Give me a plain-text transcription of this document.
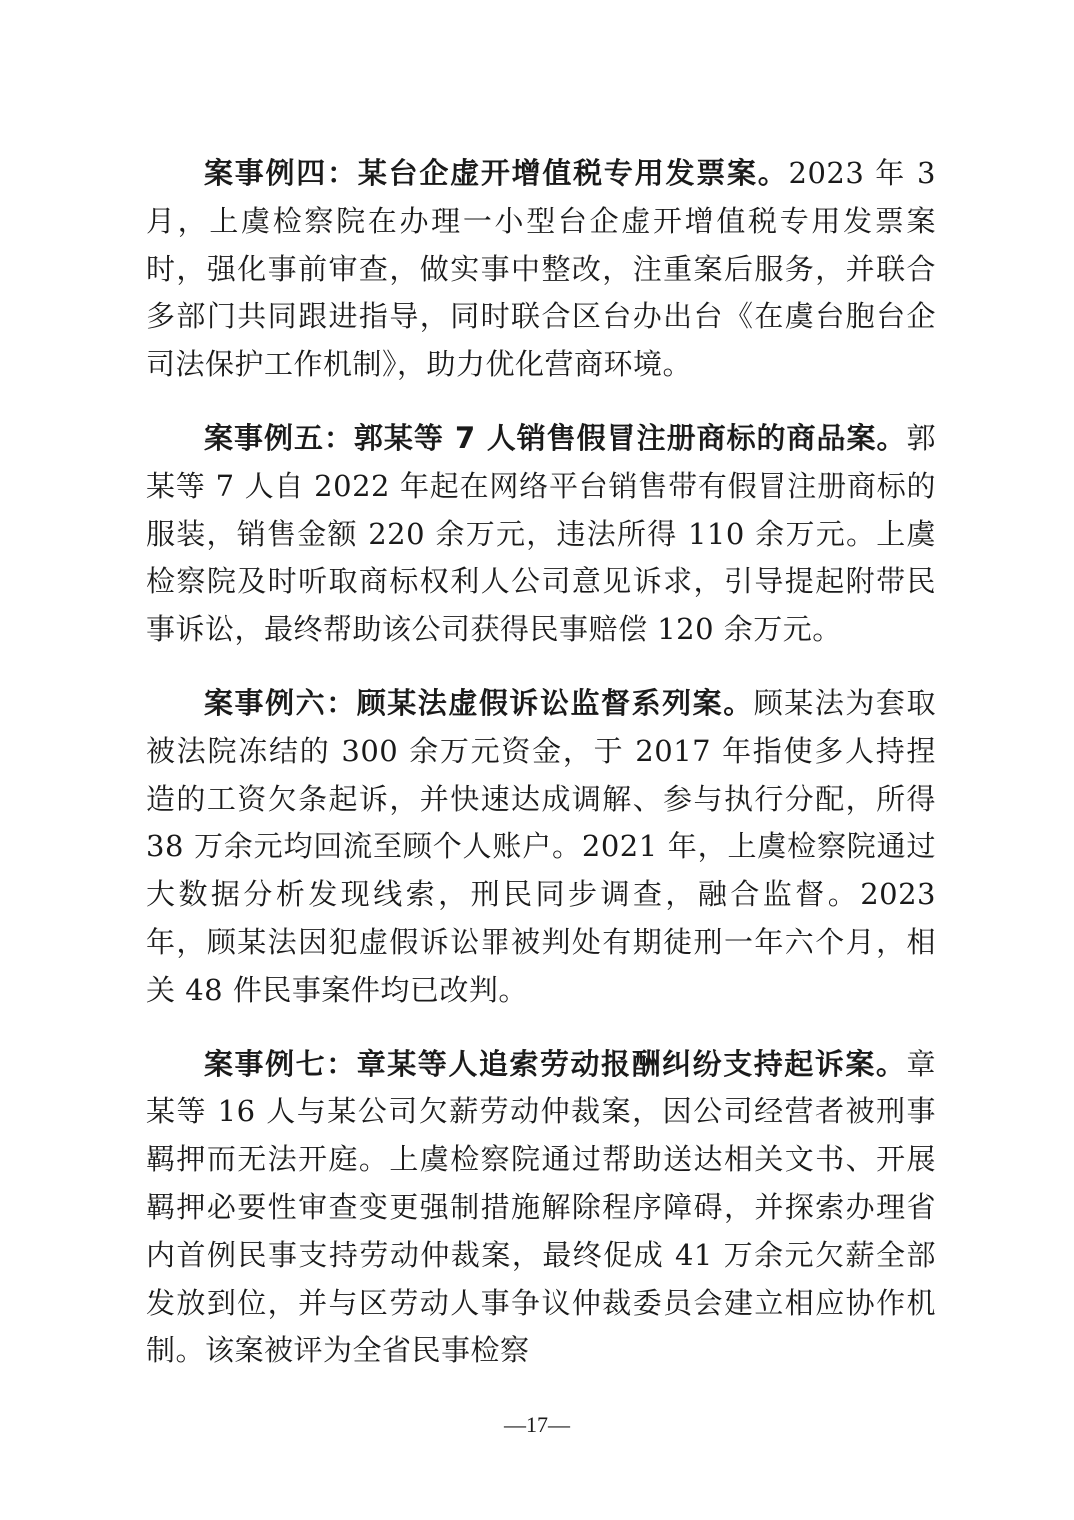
案事例四：某台企虚开增值税专用发票案。2023 年 3 月，上虞检察院在办理一小型台企虚开增值税专用发票案时，强化事前审查，做实事中整改，注重案后服务，并联合多部门共同跟进指导，同时联合区台办出台《在虞台胞台企司法保护工作机制》，助力优化营商环境。

案事例五：郭某等 7 人销售假冒注册商标的商品案。郭某等 7 人自 2022 年起在网络平台销售带有假冒注册商标的服装，销售金额 220 余万元，违法所得 110 余万元。上虞检察院及时听取商标权利人公司意见诉求，引导提起附带民事诉讼，最终帮助该公司获得民事赔偿 120 余万元。

案事例六：顾某法虚假诉讼监督系列案。顾某法为套取被法院冻结的 300 余万元资金，于 2017 年指使多人持捏造的工资欠条起诉，并快速达成调解、参与执行分配，所得 38 万余元均回流至顾个人账户。2021 年，上虞检察院通过大数据分析发现线索，刑民同步调查，融合监督。2023 年，顾某法因犯虚假诉讼罪被判处有期徒刑一年六个月，相关 48 件民事案件均已改判。

案事例七：章某等人追索劳动报酬纠纷支持起诉案。章某等 16 人与某公司欠薪劳动仲裁案，因公司经营者被刑事羁押而无法开庭。上虞检察院通过帮助送达相关文书、开展羁押必要性审查变更强制措施解除程序障碍，并探索办理省内首例民事支持劳动仲裁案，最终促成 41 万余元欠薪全部发放到位，并与区劳动人事争议仲裁委员会建立相应协作机制。该案被评为全省民事检察

—17—
